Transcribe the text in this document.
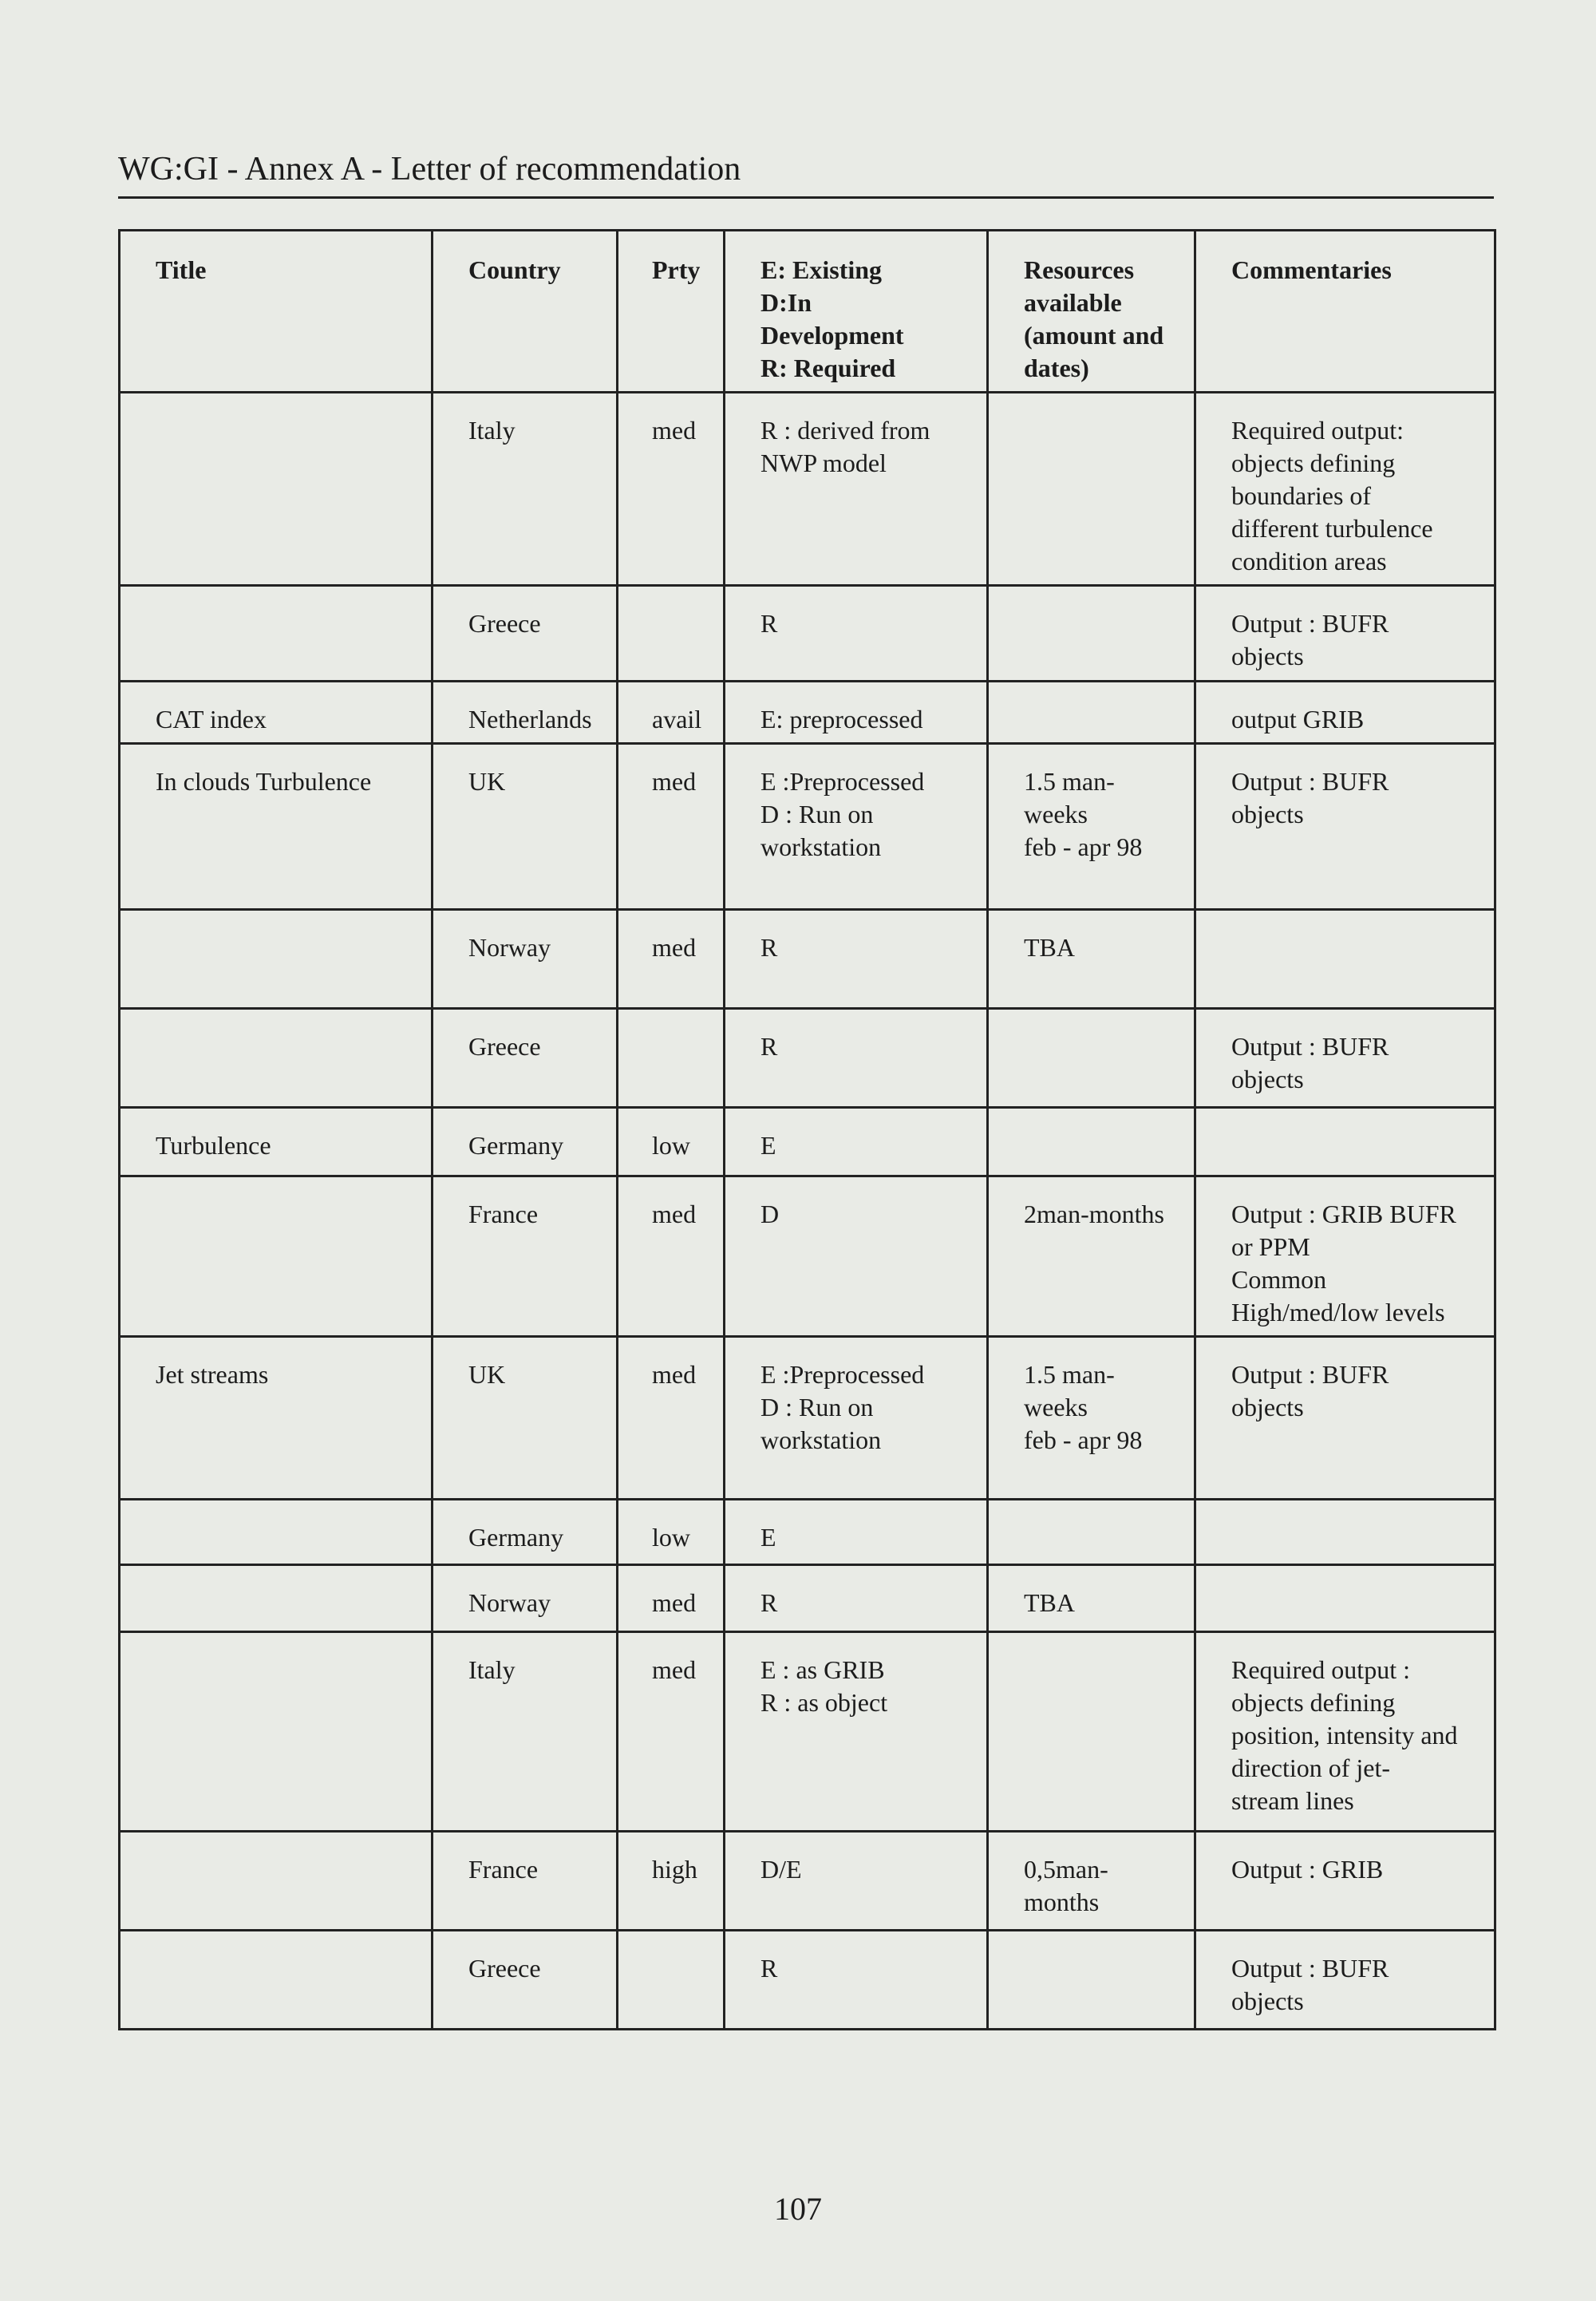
WG:GI - Annex A - Letter of recommendation
Title	Country	Prty	E: Existing
D:In
Development
R: Required	Resources
available
(amount and
dates)	Commentaries
	Italy	med	R : derived from
NWP model		Required output:
objects defining
boundaries of
different turbulence
condition areas
	Greece		R		Output : BUFR
objects
CAT index	Netherlands	avail	E: preprocessed		output GRIB
In clouds Turbulence	UK	med	E :Preprocessed
D : Run on
workstation	1.5 man-
weeks
feb - apr 98	Output : BUFR
objects
	Norway	med	R	TBA	
	Greece		R		Output : BUFR
objects
Turbulence	Germany	low	E		
	France	med	D	2man-months	Output : GRIB BUFR
or PPM
Common
High/med/low levels
Jet streams	UK	med	E :Preprocessed
D : Run on
workstation	1.5 man-
weeks
feb - apr 98	Output : BUFR
objects
	Germany	low	E		
	Norway	med	R	TBA	
	Italy	med	E : as GRIB
R : as object		Required output :
objects defining
position, intensity and
direction of jet-
stream lines
	France	high	D/E	0,5man-
months	Output : GRIB
	Greece		R		Output : BUFR
objects
107
